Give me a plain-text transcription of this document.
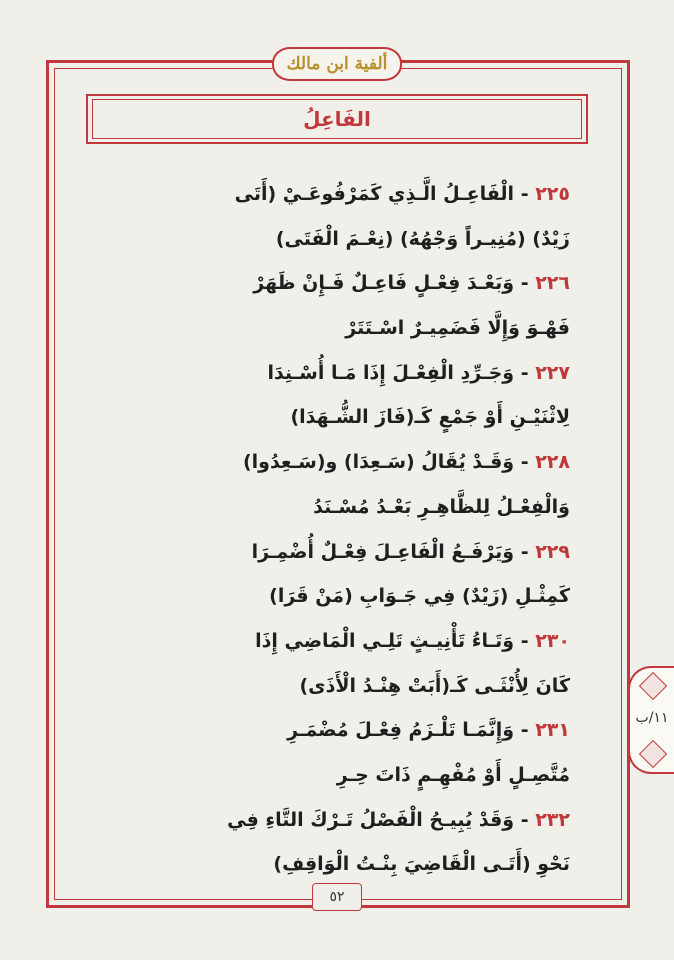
ألفية ابن مالك
الفَاعِلُ
٢٢٥ - الْفَاعِـلُ الَّـذِي كَمَرْفُوعَـيْ (أَتَى
زَيْدٌ) (مُنِيـراً وَجْهُهُ) (نِعْـمَ الْفَتَى)
٢٢٦ - وَبَعْـدَ فِعْـلٍ فَاعِـلٌ فَـإِنْ ظَهَرْ
فَهْـوَ وَإِلَّا فَضَمِيـرٌ اسْـتَتَرْ
٢٢٧ - وَجَـرِّدِ الْفِعْـلَ إِذَا مَـا أُسْـنِدَا
لِاثْنَيْـنِ أَوْ جَمْعٍ كَـ(فَازَ الشُّـهَدَا)
٢٢٨ - وَقَـدْ يُقَالُ (سَـعِدَا) و(سَـعِدُوا)
وَالْفِعْـلُ لِلظَّاهِـرِ بَعْـدُ مُسْـنَدُ
٢٢٩ - وَيَرْفَـعُ الْفَاعِـلَ فِعْـلٌ أُضْمِـرَا
كَمِثْـلِ (زَيْدٌ) فِي جَـوَابِ (مَنْ قَرَا)
٢٣٠ - وَتَـاءُ تَأْنِيـثٍ تَلِـي الْمَاضِي إِذَا
كَانَ لِأُنْثَـى كَـ(أَبَتْ هِنْـدُ الْأَذَى)
٢٣١ - وَإِنَّمَـا تَلْـزَمُ فِعْـلَ مُضْمَـرِ
مُتَّصِـلٍ أَوْ مُفْهِـمٍ ذَاتَ حِـرِ
٢٣٢ - وَقَدْ يُبِيـحُ الْفَصْلُ تَـرْكَ التَّاءِ فِي
نَحْوِ (أَتَـى الْقَاضِيَ بِنْـتُ الْوَاقِفِ)
١١/ب
٥٢
